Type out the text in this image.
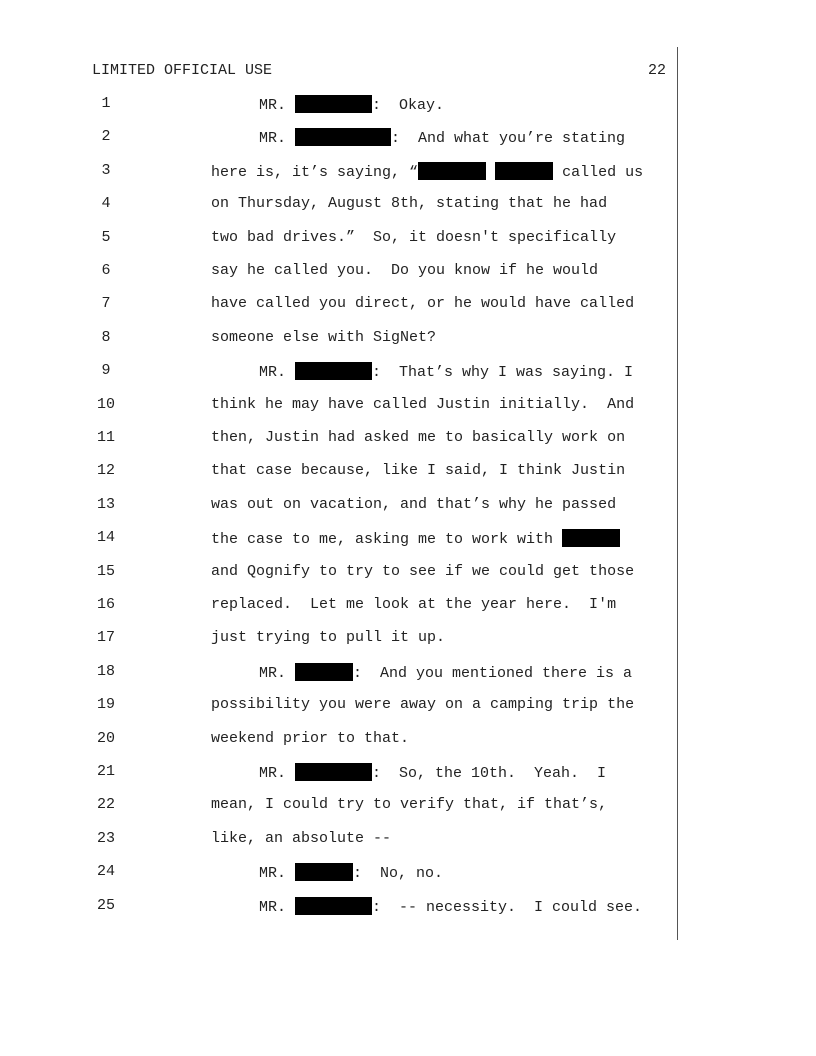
LIMITED OFFICIAL USE	22
1	MR.	:  Okay.
2	MR.	:  And what you’re stating
3	here is, it’s saying, “	called us
4	on Thursday, August 8th, stating that he had
5	two bad drives.”  So, it doesn't specifically
6	say he called you.  Do you know if he would
7	have called you direct, or he would have called
8	someone else with SigNet?
9	MR.	:  That’s why I was saying. I
10	think he may have called Justin initially.  And
11	then, Justin had asked me to basically work on
12	that case because, like I said, I think Justin
13	was out on vacation, and that’s why he passed
14	the case to me, asking me to work with
15	and Qognify to try to see if we could get those
16	replaced.  Let me look at the year here.  I'm
17	just trying to pull it up.
18	MR.	:  And you mentioned there is a
19	possibility you were away on a camping trip the
20	weekend prior to that.
21	MR.	:  So, the 10th.  Yeah.  I
22	mean, I could try to verify that, if that’s,
23	like, an absolute --
24	MR.	:  No, no.
25	MR.	:  -- necessity.  I could see.
